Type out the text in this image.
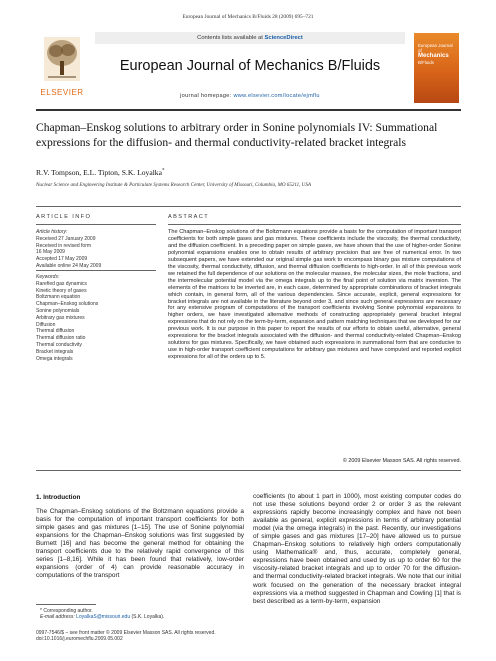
European Journal of Mechanics B/Fluids 28 (2009) 695–721
ELSEVIER
Contents lists available at ScienceDirect
European Journal of Mechanics B/Fluids
journal homepage: www.elsevier.com/locate/ejmflu
European Journal of
Mechanics
B/Fluids
Chapman–Enskog solutions to arbitrary order in Sonine polynomials IV: Summational expressions for the diffusion- and thermal conductivity-related bracket integrals
R.V. Tompson, E.L. Tipton, S.K. Loyalka*
Nuclear Science and Engineering Institute & Particulate Systems Research Center, University of Missouri, Columbia, MO 65211, USA
ARTICLE INFO
Article history:
Received 27 January 2009
Received in revised form
16 May 2009
Accepted 17 May 2009
Available online 24 May 2009
Keywords:
Rarefied gas dynamics
Kinetic theory of gases
Boltzmann equation
Chapman–Enskog solutions
Sonine polynomials
Arbitrary gas mixtures
Diffusion
Thermal diffusion
Thermal diffusion ratio
Thermal conductivity
Bracket integrals
Omega integrals
ABSTRACT
The Chapman–Enskog solutions of the Boltzmann equations provide a basis for the computation of important transport coefficients for both simple gases and gas mixtures. These coefficients include the viscosity, the thermal conductivity, and the diffusion coefficient. In a preceding paper on simple gases, we have shown that the use of higher-order Sonine polynomial expansions enables one to obtain results of arbitrary precision that are free of numerical error. In two subsequent papers, we have extended our original simple gas work to encompass binary gas mixture computations of the viscosity, thermal conductivity, diffusion, and thermal diffusion coefficients to high-order. In all of this previous work we retained the full dependence of our solutions on the molecular masses, the molecular sizes, the mole fractions, and the intermolecular potential model via the omega integrals up to the final point of solution via matrix inversion. The elements of the matrices to be inverted are, in each case, determined by appropriate combinations of bracket integrals which contain, in general form, all of the various dependencies. Since accurate, explicit, general expressions for bracket integrals are not available in the literature beyond order 3, and since such general expressions are necessary for any extensive program of computations of the transport coefficients involving Sonine polynomial expansions to higher orders, we have investigated alternative methods of constructing appropriately general bracket integral expressions that do not rely on the term-by-term, expansion and pattern matching techniques that we developed for our previous work. It is our purpose in this paper to report the results of our efforts to obtain useful, alternative, general expressions for the bracket integrals associated with the diffusion- and thermal conductivity-related Chapman–Enskog solutions for gas mixtures. Specifically, we have obtained such expressions in summational form that are conducive to use in high-order transport coefficient computations for arbitrary gas mixtures and have computed and reported explicit expressions for all of the orders up to 5.
© 2009 Elsevier Masson SAS. All rights reserved.
1. Introduction
The Chapman–Enskog solutions of the Boltzmann equations provide a basis for the computation of important transport coefficients for both simple gases and gas mixtures [1–15]. The use of Sonine polynomial expansions for the Chapman–Enskog solutions was first suggested by Burnett [16] and has become the general method for obtaining the transport coefficients due to the relatively rapid convergence of this series [1–8,16]. While it has been found that relatively, low-order expansions (order of 4) can provide reasonable accuracy in computations of the transport
coefficients (to about 1 part in 1000), most existing computer codes do not use these solutions beyond order 2 or order 3 as the relevant expressions rapidly become increasingly complex and have not been available as general, explicit expressions in terms of arbitrary potential model (via the omega integrals) in the past. Recently, our investigations of simple gases and gas mixtures [17–20] have allowed us to pursue Chapman–Enskog solutions to relatively high orders computationally using Mathematica® and, thus, accurate, completely general, expressions have been obtained and used by us up to order 60 for the viscosity-related bracket integrals and up to order 70 for the diffusion- and thermal conductivity-related bracket integrals. We note that our initial work focused on the generation of the necessary bracket integral expressions via a method suggested in Chapman and Cowling [1] that is best described as a term-by-term, expansion
* Corresponding author.
E-mail address: LoyalkaS@missouri.edu (S.K. Loyalka).
0997-7546/$ – see front matter © 2009 Elsevier Masson SAS. All rights reserved.
doi:10.1016/j.euromechflu.2009.05.002
